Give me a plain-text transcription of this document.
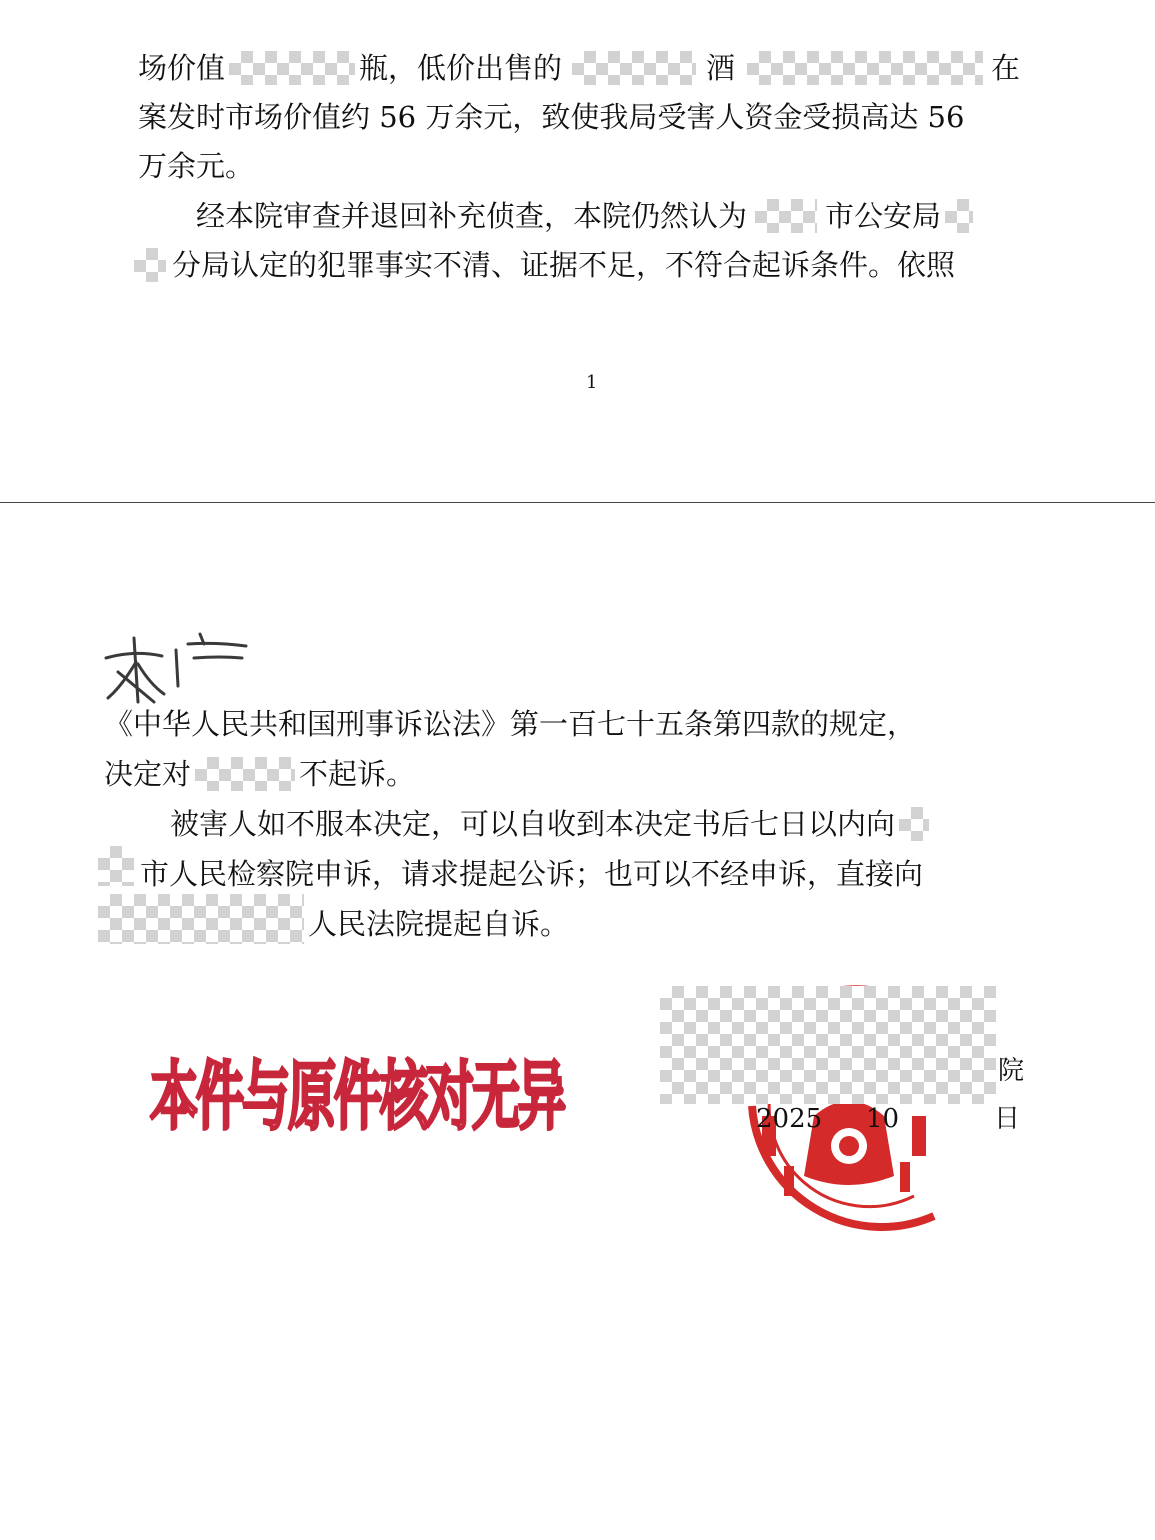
场价值	瓶，低价出售的	酒	在
案发时市场价值约 56 万余元，致使我局受害人资金受损高达 56
万余元。
经本院审查并退回补充侦查，本院仍然认为	市公安局
分局认定的犯罪事实不清、证据不足，不符合起诉条件。依照
1
《中华人民共和国刑事诉讼法》第一百七十五条第四款的规定，
决定对	不起诉。
被害人如不服本决定，可以自收到本决定书后七日以内向
市人民检察院申诉，请求提起公诉；也可以不经申诉，直接向
人民法院提起自诉。
本件与原件核对无异	院
2025 10	日
